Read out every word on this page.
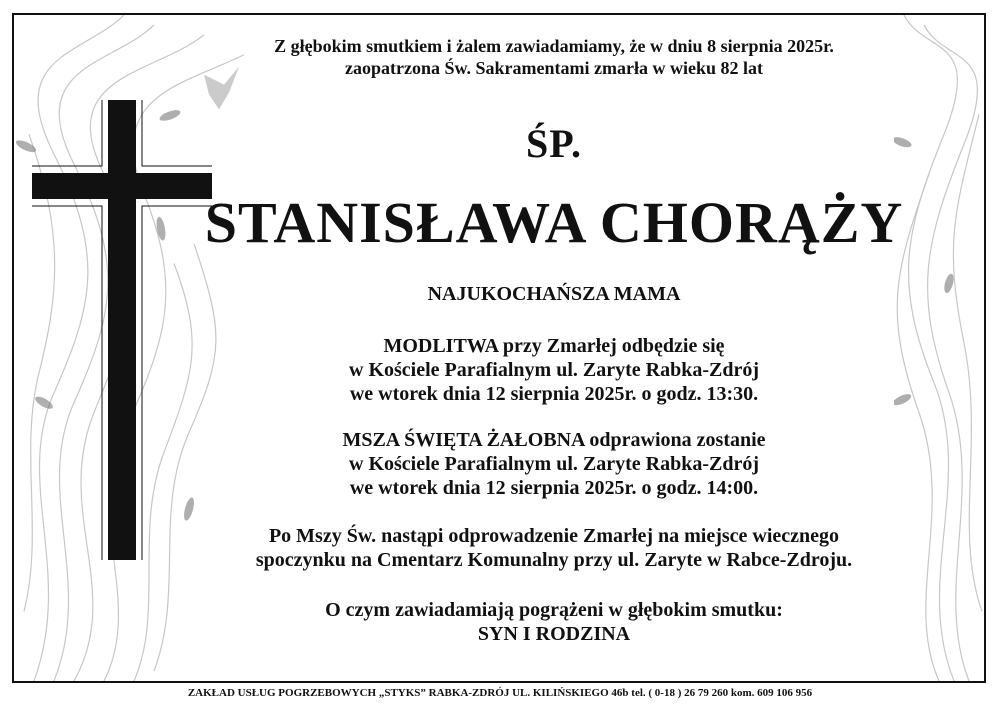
Z głębokim smutkiem i żalem zawiadamiamy, że w dniu 8 sierpnia 2025r.
zaopatrzona Św. Sakramentami zmarła w wieku 82 lat
ŚP.
STANISŁAWA CHORĄŻY
NAJUKOCHAŃSZA MAMA
MODLITWA przy Zmarłej odbędzie się
w Kościele Parafialnym ul. Zaryte Rabka-Zdrój
we wtorek dnia 12 sierpnia 2025r. o godz. 13:30.
MSZA ŚWIĘTA ŻAŁOBNA odprawiona zostanie
w Kościele Parafialnym ul. Zaryte Rabka-Zdrój
we wtorek dnia 12 sierpnia 2025r. o godz. 14:00.
Po Mszy Św. nastąpi odprowadzenie Zmarłej na miejsce wiecznego
spoczynku na Cmentarz Komunalny przy ul. Zaryte w Rabce-Zdroju.
O czym zawiadamiają pogrążeni w głębokim smutku:
SYN I RODZINA
ZAKŁAD USŁUG POGRZEBOWYCH „STYKS” RABKA-ZDRÓJ UL. KILIŃSKIEGO 46b tel. ( 0-18 ) 26 79 260 kom. 609 106 956
